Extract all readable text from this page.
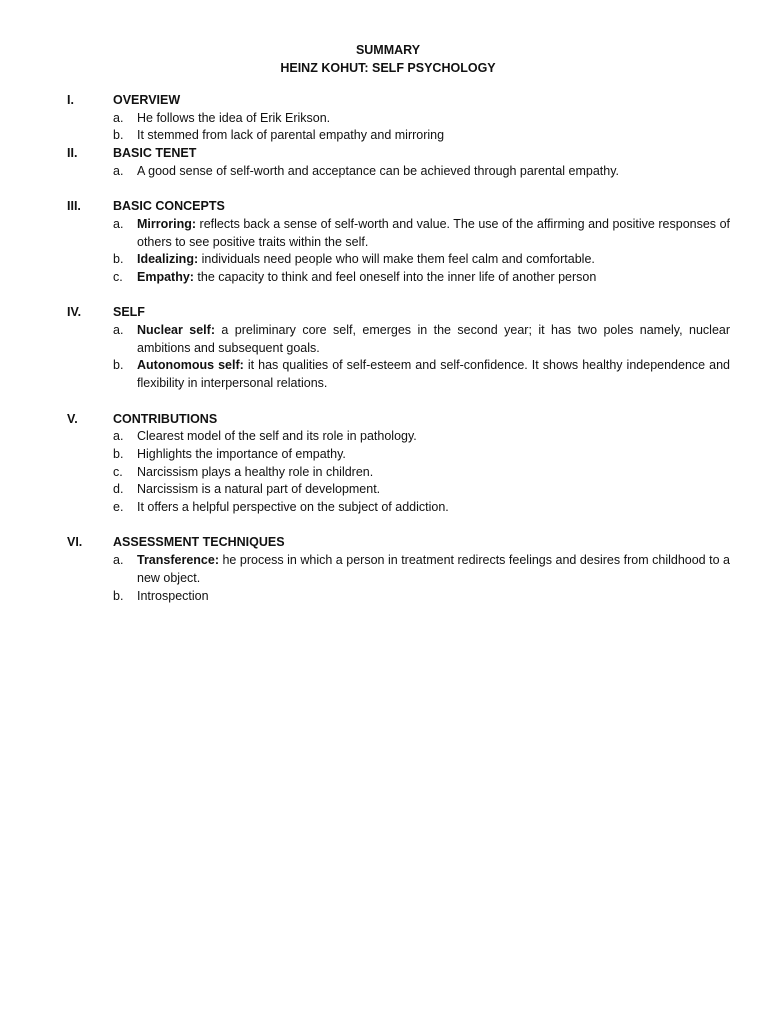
SUMMARY
HEINZ KOHUT: SELF PSYCHOLOGY
I.	OVERVIEW
a. He follows the idea of Erik Erikson.
b. It stemmed from lack of parental empathy and mirroring
II.	BASIC TENET
a. A good sense of self-worth and acceptance can be achieved through parental empathy.
III.	BASIC CONCEPTS
a. Mirroring: reflects back a sense of self-worth and value. The use of the affirming and positive responses of others to see positive traits within the self.
b. Idealizing: individuals need people who will make them feel calm and comfortable.
c. Empathy: the capacity to think and feel oneself into the inner life of another person
IV.	SELF
a. Nuclear self: a preliminary core self, emerges in the second year; it has two poles namely, nuclear ambitions and subsequent goals.
b. Autonomous self: it has qualities of self-esteem and self-confidence. It shows healthy independence and flexibility in interpersonal relations.
V.	CONTRIBUTIONS
a. Clearest model of the self and its role in pathology.
b. Highlights the importance of empathy.
c. Narcissism plays a healthy role in children.
d. Narcissism is a natural part of development.
e. It offers a helpful perspective on the subject of addiction.
VI. ASSESSMENT TECHNIQUES
a. Transference: he process in which a person in treatment redirects feelings and desires from childhood to a new object.
b. Introspection
